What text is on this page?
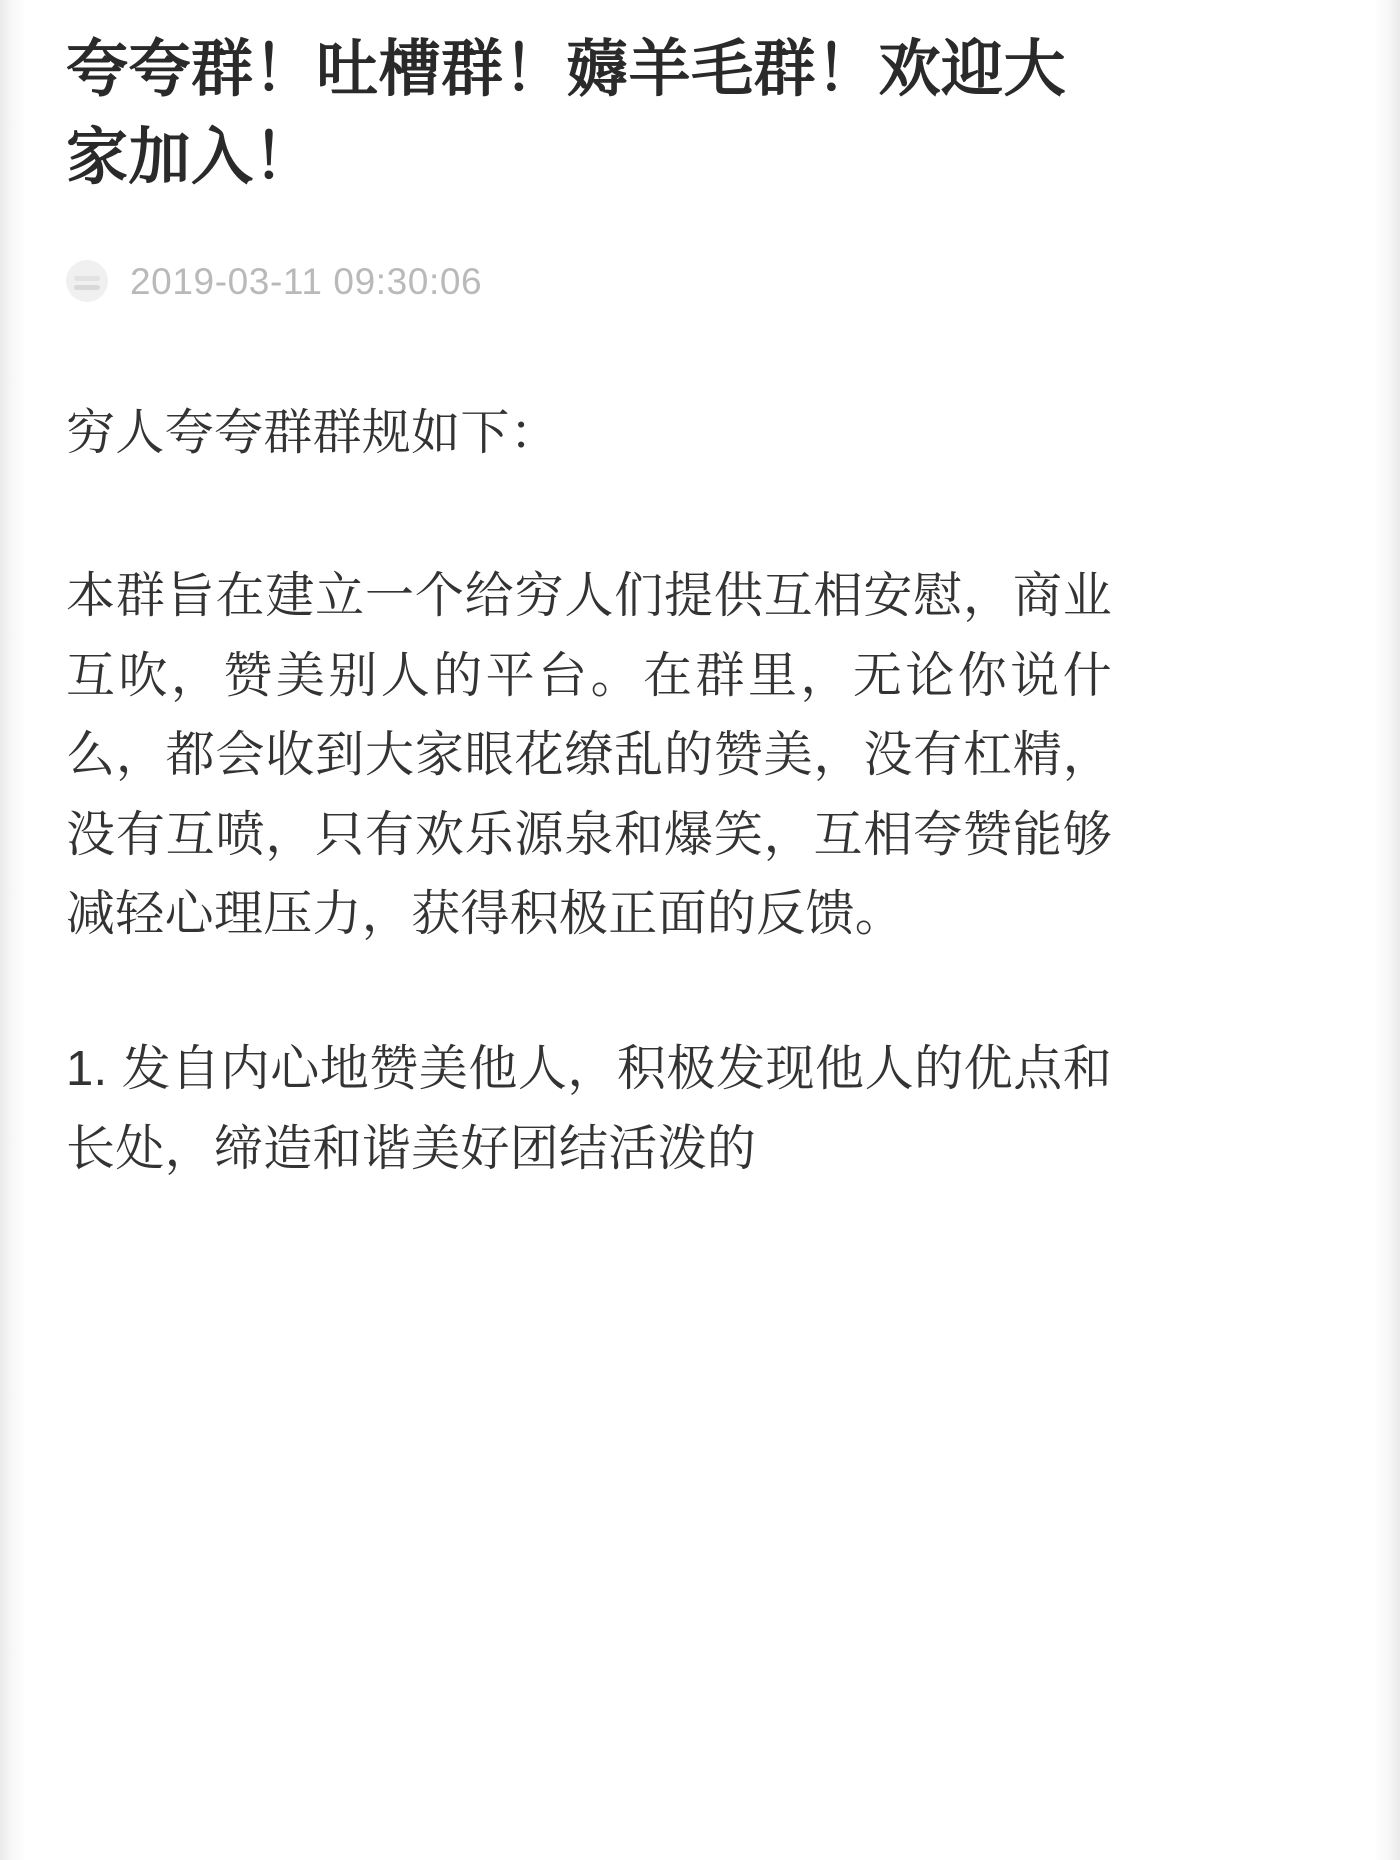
夸夸群！吐槽群！薅羊毛群！欢迎大家加入！
2019-03-11 09:30:06

穷人夸夸群群规如下：

本群旨在建立一个给穷人们提供互相安慰，商业互吹，赞美别人的平台。在群里，无论你说什么，都会收到大家眼花缭乱的赞美，没有杠精，没有互喷，只有欢乐源泉和爆笑，互相夸赞能够减轻心理压力，获得积极正面的反馈。

1. 发自内心地赞美他人，积极发现他人的优点和长处，缔造和谐美好团结活泼的
